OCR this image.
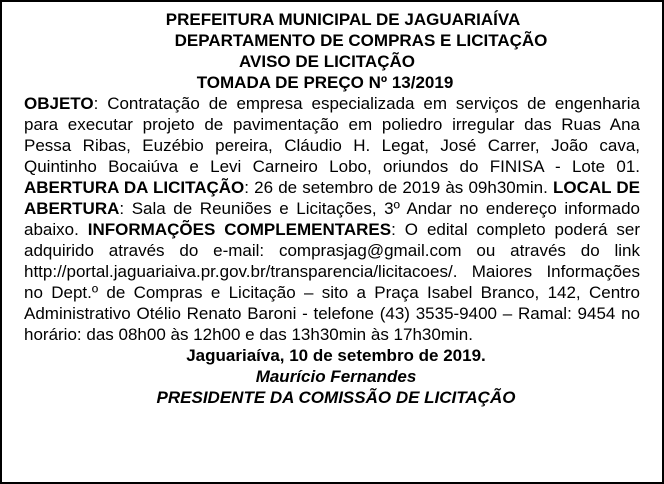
PREFEITURA MUNICIPAL DE JAGUARIAÍVA
DEPARTAMENTO DE COMPRAS E LICITAÇÃO
AVISO DE LICITAÇÃO
TOMADA DE PREÇO Nº 13/2019
OBJETO: Contratação de empresa especializada em serviços de engenharia para executar projeto de pavimentação em poliedro irregular das Ruas Ana Pessa Ribas, Euzébio pereira, Cláudio H. Legat, José Carrer, João cava, Quintinho Bocaiúva e Levi Carneiro Lobo, oriundos do FINISA - Lote 01. ABERTURA DA LICITAÇÃO: 26 de setembro de 2019 às 09h30min. LOCAL DE ABERTURA: Sala de Reuniões e Licitações, 3º Andar no endereço informado abaixo. INFORMAÇÕES COMPLEMENTARES: O edital completo poderá ser adquirido através do e-mail: comprasjag@gmail.com ou através do link http://portal.jaguariaiva.pr.gov.br/transparencia/licitacoes/. Maiores Informações no Dept.º de Compras e Licitação – sito a Praça Isabel Branco, 142, Centro Administrativo Otélio Renato Baroni - telefone (43) 3535-9400 – Ramal: 9454 no horário: das 08h00 às 12h00 e das 13h30min às 17h30min.
Jaguariaíva, 10 de setembro de 2019.
Maurício Fernandes
PRESIDENTE DA COMISSÃO DE LICITAÇÃO
